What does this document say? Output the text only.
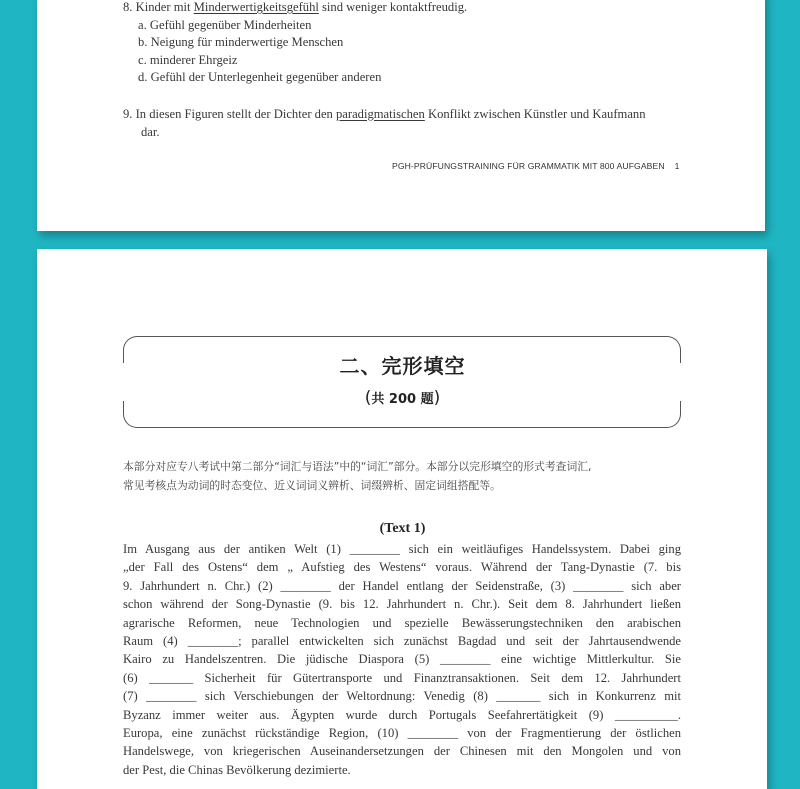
8. Kinder mit Minderwertigkeitsgefühl sind weniger kontaktfreudig.
a. Gefühl gegenüber Minderheiten
b. Neigung für minderwertige Menschen
c. minderer Ehrgeiz
d. Gefühl der Unterlegenheit gegenüber anderen
9. In diesen Figuren stellt der Dichter den paradigmatischen Konflikt zwischen Künstler und Kaufmann
dar.
PGH-PRÜFUNGSTRAINING FÜR GRAMMATIK MIT 800 AUFGABEN 1
二、完形填空
(共 200 题)
本部分对应专八考试中第二部分“词汇与语法”中的“词汇”部分。本部分以完形填空的形式考查词汇,
常见考核点为动词的时态变位、近义词词义辨析、词缀辨析、固定词组搭配等。
(Text 1)
Im Ausgang aus der antiken Welt (1) ________ sich ein weitläufiges Handelssystem. Dabei ging
„der Fall des Ostens“ dem „ Aufstieg des Westens“ voraus. Während der Tang-Dynastie (7. bis
9. Jahrhundert n. Chr.) (2) ________ der Handel entlang der Seidenstraße, (3) ________ sich aber
schon während der Song-Dynastie (9. bis 12. Jahrhundert n. Chr.). Seit dem 8. Jahrhundert ließen
agrarische Reformen, neue Technologien und spezielle Bewässerungstechniken den arabischen
Raum (4) ________; parallel entwickelten sich zunächst Bagdad und seit der Jahrtausendwende
Kairo zu Handelszentren. Die jüdische Diaspora (5) ________ eine wichtige Mittlerkultur. Sie
(6) _______ Sicherheit für Gütertransporte und Finanztransaktionen. Seit dem 12. Jahrhundert
(7) ________ sich Verschiebungen der Weltordnung: Venedig (8) _______ sich in Konkurrenz mit
Byzanz immer weiter aus. Ägypten wurde durch Portugals Seefahrertätigkeit (9) __________.
Europa, eine zunächst rückständige Region, (10) ________ von der Fragmentierung der östlichen
Handelswege, von kriegerischen Auseinandersetzungen der Chinesen mit den Mongolen und von
der Pest, die Chinas Bevölkerung dezimierte.
